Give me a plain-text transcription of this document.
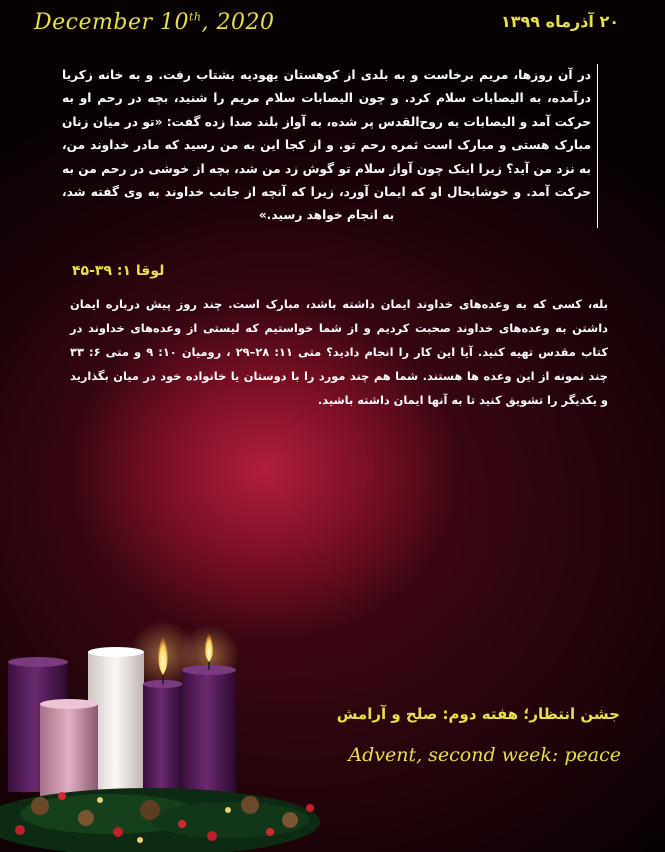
December 10th, 2020	۲۰ آذرماه ۱۳۹۹
در آن روزها، مریم برخاست و به بلدی از کوهستان یهودیه بشتاب رفت. و به خانه زکریا درآمده، به الیصابات سلام کرد. و چون الیصابات سلام مریم را شنید، بچه در رحم او به حرکت آمد و الیصابات به روح‌القدس پر شده، به آواز بلند صدا زده گفت: «تو در میان زنان مبارک هستی و مبارک است ثمره رحم تو. و از کجا این به من رسید که مادر خداوند من، به نزد من آید؟ زیرا اینک چون آواز سلام تو گوش زد من شد، بچه از خوشی در رحم من به حرکت آمد. و خوشابحال او که ایمان آورد، زیرا که آنچه از جانب خداوند به وی گفته شد، به انجام خواهد رسید.»
لوقا ۱: ۳۹-۴۵
بله، کسی که به وعده‌های خداوند ایمان داشته باشد، مبارک است. چند روز پیش درباره ایمان داشتن به وعده‌های خداوند صحبت کردیم و از شما خواستیم که لیستی از وعده‌های خداوند در کتاب مقدس تهیه کنید. آیا این کار را انجام دادید؟ متی ۱۱: ۲۸–۲۹ ، رومیان ۱۰: ۹ و متی ۶: ۳۳ چند نمونه از این وعده ها هستند. شما هم چند مورد را با دوستان یا خانواده خود در میان بگذارید و یکدیگر را تشویق کنید تا به آنها ایمان داشته باشید.
جشن انتظار؛ هفته دوم: صلح و آرامش
Advent, second week: peace
